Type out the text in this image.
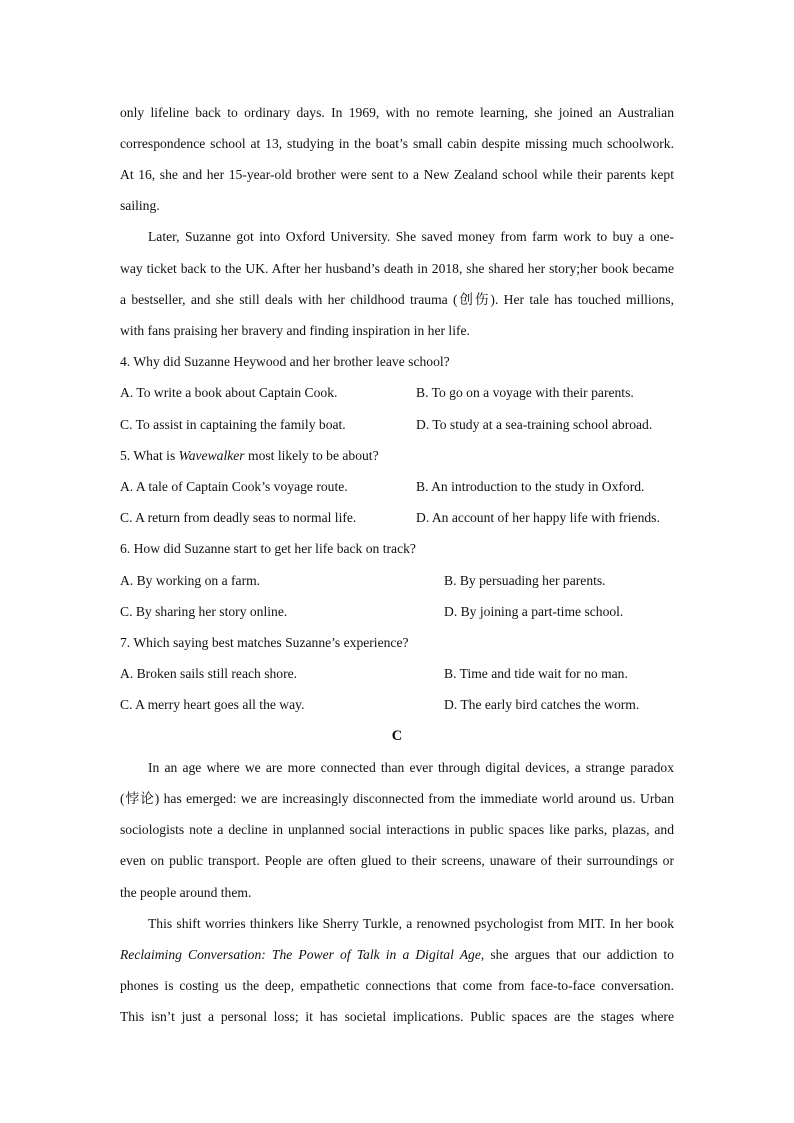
only lifeline back to ordinary days. In 1969, with no remote learning, she joined an Australian
correspondence school at 13, studying in the boat’s small cabin despite missing much schoolwork.
At 16, she and her 15-year-old brother were sent to a New Zealand school while their parents kept
sailing.
Later, Suzanne got into Oxford University. She saved money from farm work to buy a one-
way ticket back to the UK. After her husband’s death in 2018, she shared her story;her book became
a bestseller, and she still deals with her childhood trauma (创伤). Her tale has touched millions,
with fans praising her bravery and finding inspiration in her life.
4. Why did Suzanne Heywood and her brother leave school?
A. To write a book about Captain Cook.	B. To go on a voyage with their parents.
C. To assist in captaining the family boat.	D. To study at a sea-training school abroad.
5. What is Wavewalker most likely to be about?
A. A tale of Captain Cook’s voyage route.	B. An introduction to the study in Oxford.
C. A return from deadly seas to normal life.	D. An account of her happy life with friends.
6. How did Suzanne start to get her life back on track?
A. By working on a farm.	B. By persuading her parents.
C. By sharing her story online.	D. By joining a part-time school.
7. Which saying best matches Suzanne’s experience?
A. Broken sails still reach shore.	B. Time and tide wait for no man.
C. A merry heart goes all the way.	D. The early bird catches the worm.
C
In an age where we are more connected than ever through digital devices, a strange paradox
(悖论) has emerged: we are increasingly disconnected from the immediate world around us. Urban
sociologists note a decline in unplanned social interactions in public spaces like parks, plazas, and
even on public transport. People are often glued to their screens, unaware of their surroundings or
the people around them.
This shift worries thinkers like Sherry Turkle, a renowned psychologist from MIT. In her book
Reclaiming Conversation: The Power of Talk in a Digital Age, she argues that our addiction to
phones is costing us the deep, empathetic connections that come from face-to-face conversation.
This isn’t just a personal loss; it has societal implications. Public spaces are the stages where
